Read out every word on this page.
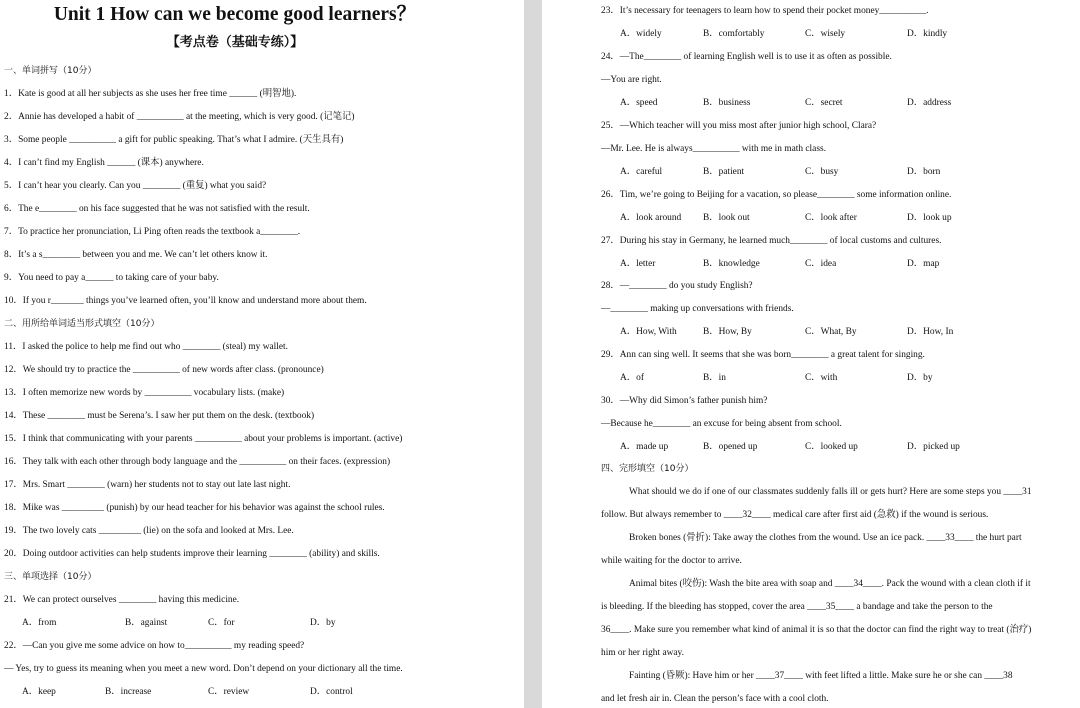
Unit 1 How can we become good learners？
【考点卷（基础专练）】
一、单词拼写（10分）
1．Kate is good at all her subjects as she uses her free time ______ (明智地).
2．Annie has developed a habit of __________ at the meeting, which is very good. (记笔记)
3．Some people __________ a gift for public speaking. That’s what I admire. (天生具有)
4．I can’t find my English ______ (课本) anywhere.
5．I can’t hear you clearly. Can you ________ (重复) what you said?
6．The e________ on his face suggested that he was not satisfied with the result.
7．To practice her pronunciation, Li Ping often reads the textbook a________.
8．It’s a s________ between you and me. We can’t let others know it.
9．You need to pay a______ to taking care of your baby.
10．If you r_______ things you’ve learned often, you’ll know and understand more about them.
二、用所给单词适当形式填空（10分）
11．I asked the police to help me find out who ________ (steal) my wallet.
12．We should try to practice the __________ of new words after class. (pronounce)
13．I often memorize new words by __________ vocabulary lists. (make)
14．These ________ must be Serena’s. I saw her put them on the desk. (textbook)
15．I think that communicating with your parents __________ about your problems is important. (active)
16．They talk with each other through body language and the __________ on their faces. (expression)
17．Mrs. Smart ________ (warn) her students not to stay out late last night.
18．Mike was _________ (punish) by our head teacher for his behavior was against the school rules.
19．The two lovely cats _________ (lie) on the sofa and looked at Mrs. Lee.
20．Doing outdoor activities can help students improve their learning ________ (ability) and skills.
三、单项选择（10分）
21．We can protect ourselves ________ having this medicine.
A．from	B．against	C．for	D．by
22．—Can you give me some advice on how to__________ my reading speed?
— Yes, try to guess its meaning when you meet a new word. Don’t depend on your dictionary all the time.
A．keep	B．increase	C．review	D．control
23．It’s necessary for teenagers to learn how to spend their pocket money__________.
A．widely	B．comfortably	C．wisely	D．kindly
24．—The________ of learning English well is to use it as often as possible.
—You are right.
A．speed	B．business	C．secret	D．address
25．—Which teacher will you miss most after junior high school, Clara?
—Mr. Lee. He is always__________ with me in math class.
A．careful	B．patient	C．busy	D．born
26．Tim, we’re going to Beijing for a vacation, so please________ some information online.
A．look around B．look out	C．look after	D．look up
27．During his stay in Germany, he learned much________ of local customs and cultures.
A．letter	B．knowledge	C．idea	D．map
28．—________ do you study English?
—________ making up conversations with friends.
A．How, With	B．How, By	C．What, By	D．How, In
29．Ann can sing well. It seems that she was born________ a great talent for singing.
A．of	B．in	C．with	D．by
30．—Why did Simon’s father punish him?
—Because he________ an excuse for being absent from school.
A．made up	B．opened up	C．looked up	D．picked up
四、完形填空（10分）
What should we do if one of our classmates suddenly falls ill or gets hurt? Here are some steps you ____31
follow. But always remember to ____32____ medical care after first aid (急救) if the wound is serious.
Broken bones (骨折): Take away the clothes from the wound. Use an ice pack. ____33____ the hurt part
while waiting for the doctor to arrive.
Animal bites (咬伤): Wash the bite area with soap and ____34____. Pack the wound with a clean cloth if it
is bleeding. If the bleeding has stopped, cover the area ____35____ a bandage and take the person to the
36____. Make sure you remember what kind of animal it is so that the doctor can find the right way to treat (治疗)
him or her right away.
Fainting (昏厥): Have him or her ____37____ with feet lifted a little. Make sure he or she can ____38
and let fresh air in. Clean the person’s face with a cool cloth.
